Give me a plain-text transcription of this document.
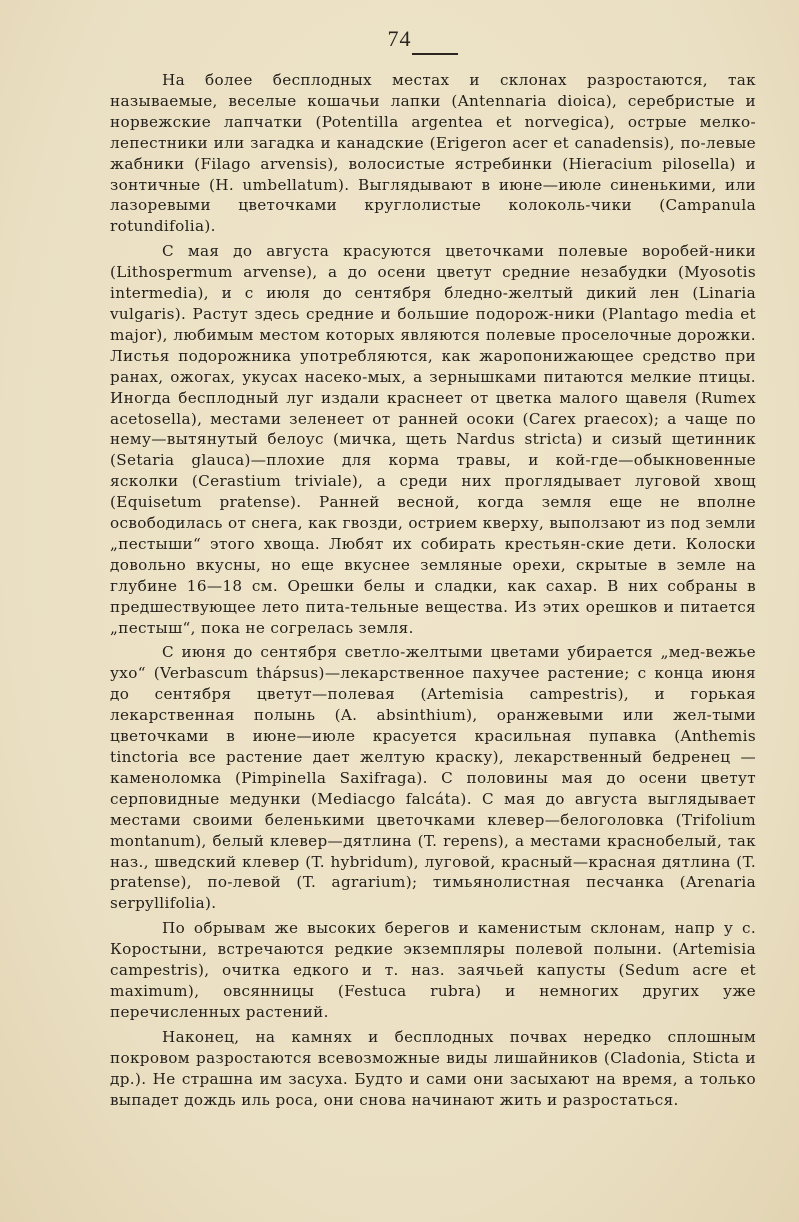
74

На более бесплодных местах и склонах разростаются, так называемые, веселые кошачьи лапки (Antennaria dioica), серебристые и норвежские лапчатки (Potentilla argentea et norvegica), острые мелко-лепестники или загадка и канадские (Erigeron acer et canadensis), по-левые жабники (Filago arvensis), волосистые ястребинки (Hieracium pilosella) и зонтичные (H. umbellatum). Выглядывают в июне—июле синенькими, или лазоревыми цветочками круглолистые колоколь-чики (Campanula rotundifolia).

С мая до августа красуются цветочками полевые воробей-ники (Lithospermum arvense), а до осени цветут средние незабудки (Myosotis intermedia), и с июля до сентября бледно-желтый дикий лен (Linaria vulgaris). Растут здесь средние и большие подорож-ники (Plantago media et major), любимым местом которых являются полевые проселочные дорожки. Листья подорожника употребляются, как жаропонижающее средство при ранах, ожогах, укусах насеко-мых, а зернышками питаются мелкие птицы. Иногда бесплодный луг издали краснеет от цветка малого щавеля (Rumex acetosella), местами зеленеет от ранней осоки (Carex praecox); а чаще по нему—вытянутый белоус (мичка, щеть Nardus stricta) и сизый щетинник (Setaria glauca)—плохие для корма травы, и кой-где—обыкновенные ясколки (Cerastium triviale), а среди них проглядывает луговой хвощ (Equisetum pratense). Ранней весной, когда земля еще не вполне освободилась от снега, как гвозди, острием кверху, выползают из под земли „пестыши“ этого хвоща. Любят их собирать крестьян-ские дети. Колоски довольно вкусны, но еще вкуснее земляные орехи, скрытые в земле на глубине 16—18 см. Орешки белы и сладки, как сахар. В них собраны в предшествующее лето пита-тельные вещества. Из этих орешков и питается „пестыш“, пока не согрелась земля.

С июня до сентября светло-желтыми цветами убирается „мед-вежье ухо“ (Verbascum thápsus)—лекарственное пахучее растение; с конца июня до сентября цветут—полевая (Artemisia campestris), и горькая лекарственная полынь (A. absinthium), оранжевыми или жел-тыми цветочками в июне—июле красуется красильная пупавка (Anthemis tinctoria все растение дает желтую краску), лекарственный бедренец — каменоломка (Pimpinella Saxifraga). С половины мая до осени цветут серповидные медунки (Mediacgo falcáta). С мая до августа выглядывает местами своими беленькими цветочками клевер—белоголовка (Trifolium montanum), белый клевер—дятлина (T. repens), а местами краснобелый, так наз., шведский клевер (T. hybridum), луговой, красный—красная дятлина (T. pratense), по-левой (T. agrarium); тимьянолистная песчанка (Arenaria serpyllifolia).

По обрывам же высоких берегов и каменистым склонам, напр у с. Коростыни, встречаются редкие экземпляры полевой полыни. (Artemisia campestris), очитка едкого и т. наз. заячьей капусты (Sedum acre et maximum), овсянницы (Festuca rubra) и немногих других уже перечисленных растений.

Наконец, на камнях и бесплодных почвах нередко сплошным покровом разростаются всевозможные виды лишайников (Cladonia, Sticta и др.). Не страшна им засуха. Будто и сами они засыхают на время, а только выпадет дождь иль роса, они снова начинают жить и разростаться.
